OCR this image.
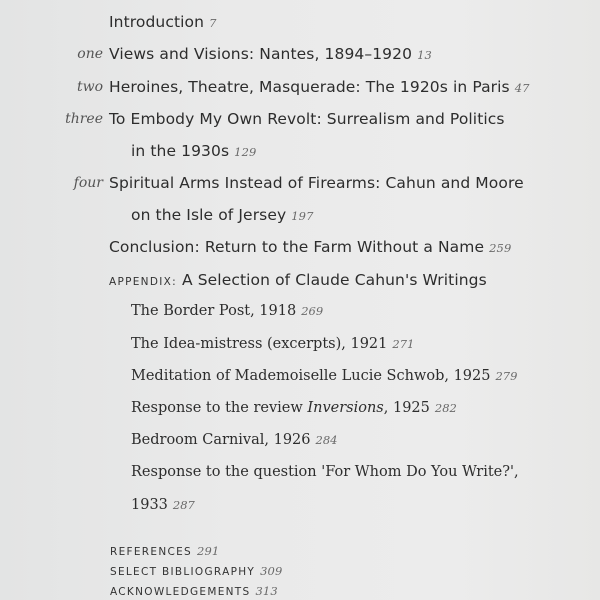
Introduction 7
one Views and Visions: Nantes, 1894–1920 13
two Heroines, Theatre, Masquerade: The 1920s in Paris 47
three To Embody My Own Revolt: Surrealism and Politics
in the 1930s 129
four Spiritual Arms Instead of Firearms: Cahun and Moore
on the Isle of Jersey 197
Conclusion: Return to the Farm Without a Name 259
APPENDIX: A Selection of Claude Cahun's Writings
The Border Post, 1918 269
The Idea-mistress (excerpts), 1921 271
Meditation of Mademoiselle Lucie Schwob, 1925 279
Response to the review Inversions, 1925 282
Bedroom Carnival, 1926 284
Response to the question 'For Whom Do You Write?',
1933 287
REFERENCES 291
SELECT BIBLIOGRAPHY 309
ACKNOWLEDGEMENTS 313
